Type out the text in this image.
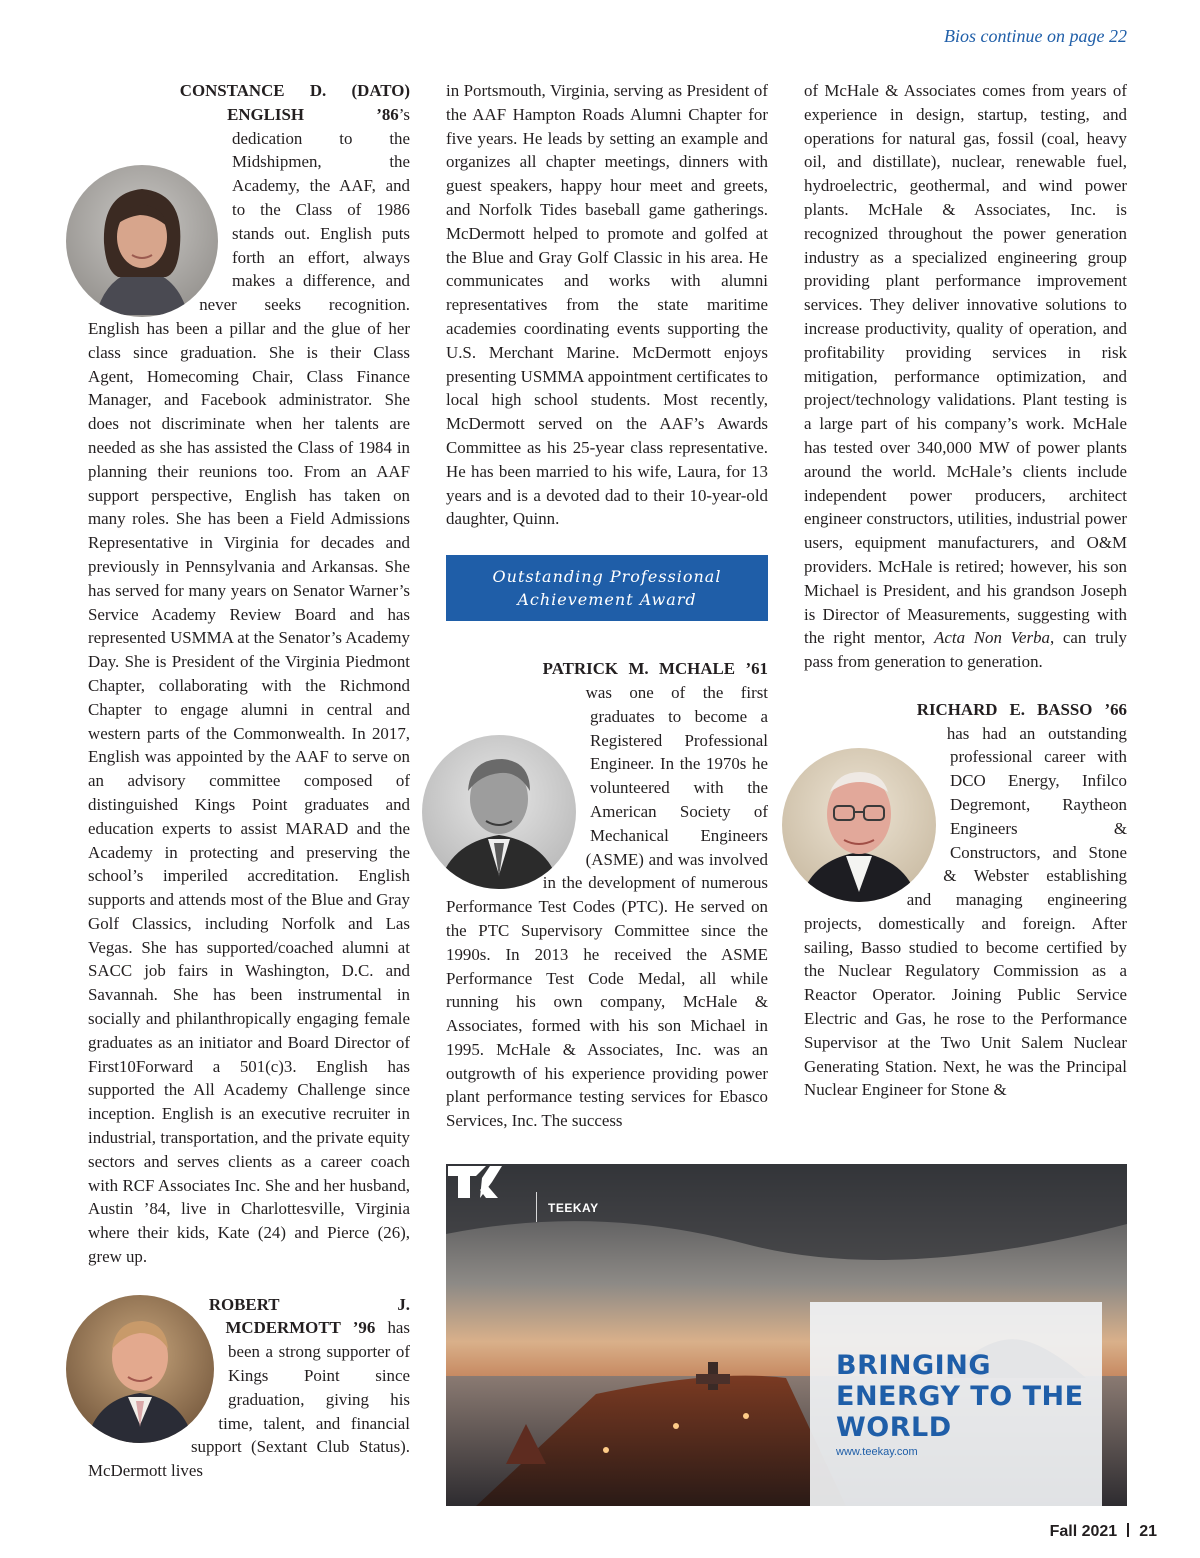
Bios continue on page 22

CONSTANCE D. (DATO) ENGLISH ’86’s dedication to the Midshipmen, the Academy, the AAF, and to the Class of 1986 stands out. English puts forth an effort, always makes a difference, and never seeks recognition. English has been a pillar and the glue of her class since graduation. She is their Class Agent, Homecoming Chair, Class Finance Manager, and Facebook administrator. She does not discriminate when her talents are needed as she has assisted the Class of 1984 in planning their reunions too. From an AAF support perspective, English has taken on many roles. She has been a Field Admissions Representative in Virginia for decades and previously in Pennsylvania and Arkansas. She has served for many years on Senator Warner’s Service Academy Review Board and has represented USMMA at the Senator’s Academy Day. She is President of the Virginia Piedmont Chapter, collaborating with the Richmond Chapter to engage alumni in central and western parts of the Commonwealth. In 2017, English was appointed by the AAF to serve on an advisory committee composed of distinguished Kings Point graduates and education experts to assist MARAD and the Academy in protecting and preserving the school’s imperiled accreditation. English supports and attends most of the Blue and Gray Golf Classics, including Norfolk and Las Vegas. She has supported/coached alumni at SACC job fairs in Washington, D.C. and Savannah. She has been instrumental in socially and philanthropically engaging female graduates as an initiator and Board Director of First10Forward a 501(c)3. English has supported the All Academy Challenge since inception. English is an executive recruiter in industrial, transportation, and the private equity sectors and serves clients as a career coach with RCF Associates Inc. She and her husband, Austin ’84, live in Charlottesville, Virginia where their kids, Kate (24) and Pierce (26), grew up.

ROBERT J. MCDERMOTT ’96 has been a strong supporter of Kings Point since graduation, giving his time, talent, and financial support (Sextant Club Status). McDermott lives

in Portsmouth, Virginia, serving as President of the AAF Hampton Roads Alumni Chapter for five years. He leads by setting an example and organizes all chapter meetings, dinners with guest speakers, happy hour meet and greets, and Norfolk Tides baseball game gatherings. McDermott helped to promote and golfed at the Blue and Gray Golf Classic in his area. He communicates and works with alumni representatives from the state maritime academies coordinating events supporting the U.S. Merchant Marine. McDermott enjoys presenting USMMA appointment certificates to local high school students. Most recently, McDermott served on the AAF’s Awards Committee as his 25-year class representative. He has been married to his wife, Laura, for 13 years and is a devoted dad to their 10-year-old daughter, Quinn.

Outstanding Professional Achievement Award

PATRICK M. MCHALE ’61 was one of the first graduates to become a Registered Professional Engineer. In the 1970s he volunteered with the American Society of Mechanical Engineers (ASME) and was involved in the development of numerous Performance Test Codes (PTC). He served on the PTC Supervisory Committee since the 1990s. In 2013 he received the ASME Performance Test Code Medal, all while running his own company, McHale & Associates, formed with his son Michael in 1995. McHale & Associates, Inc. was an outgrowth of his experience providing power plant performance testing services for Ebasco Services, Inc. The success

of McHale & Associates comes from years of experience in design, startup, testing, and operations for natural gas, fossil (coal, heavy oil, and distillate), nuclear, renewable fuel, hydroelectric, geothermal, and wind power plants. McHale & Associates, Inc. is recognized throughout the power generation industry as a specialized engineering group providing plant performance improvement services. They deliver innovative solutions to increase productivity, quality of operation, and profitability providing services in risk mitigation, performance optimization, and project/technology validations. Plant testing is a large part of his company’s work. McHale has tested over 340,000 MW of power plants around the world. McHale’s clients include independent power producers, architect engineer constructors, utilities, industrial power users, equipment manufacturers, and O&M providers. McHale is retired; however, his son Michael is President, and his grandson Joseph is Director of Measurements, suggesting with the right mentor, Acta Non Verba, can truly pass from generation to generation.

RICHARD E. BASSO ’66 has had an outstanding professional career with DCO Energy, Infilco Degremont, Raytheon Engineers & Constructors, and Stone & Webster establishing and managing engineering projects, domestically and foreign. After sailing, Basso studied to become certified by the Nuclear Regulatory Commission as a Reactor Operator. Joining Public Service Electric and Gas, he rose to the Performance Supervisor at the Two Unit Salem Nuclear Generating Station. Next, he was the Principal Nuclear Engineer for Stone &

TEEKAY
BRINGING ENERGY TO THE WORLD
www.teekay.com
Fall 2021 21
